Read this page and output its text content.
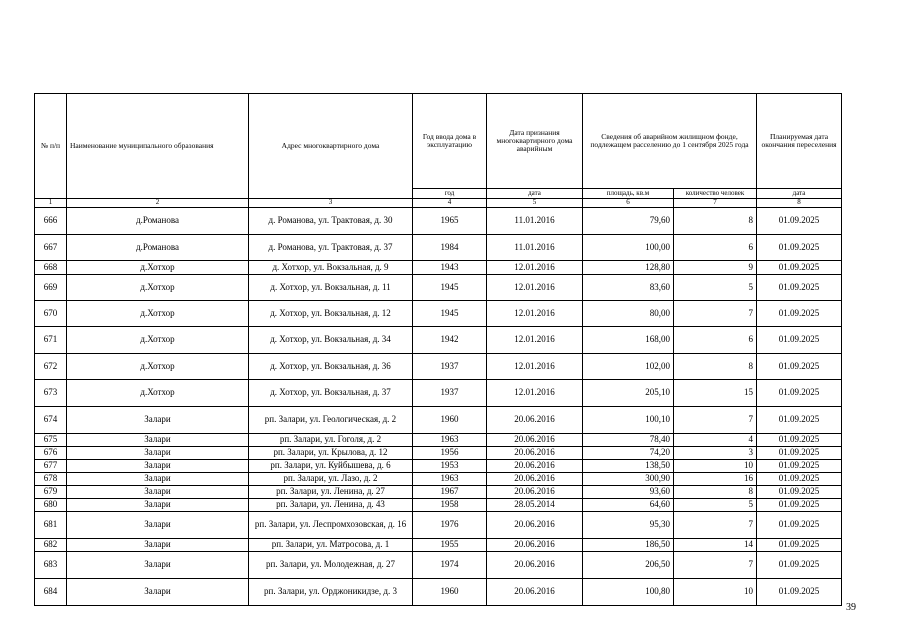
№ п/п	Наименование муниципального образования	Адрес многоквартирного дома	Год ввода дома в эксплуатацию	Дата признания многоквартирного дома аварийным	Сведения об аварийном жилищном фонде, подлежащем расселению до 1 сентября 2025 года		Планируемая дата окончания переселения
			год	дата	площадь, кв.м	количество человек	дата
1	2	3	4	5	6	7	8
666	д.Романова	д. Романова, ул. Трактовая, д. 30	1965	11.01.2016	79,60	8	01.09.2025
667	д.Романова	д. Романова, ул. Трактовая, д. 37	1984	11.01.2016	100,00	6	01.09.2025
668	д.Хотхор	д. Хотхор, ул. Вокзальная, д. 9	1943	12.01.2016	128,80	9	01.09.2025
669	д.Хотхор	д. Хотхор, ул. Вокзальная, д. 11	1945	12.01.2016	83,60	5	01.09.2025
670	д.Хотхор	д. Хотхор, ул. Вокзальная, д. 12	1945	12.01.2016	80,00	7	01.09.2025
671	д.Хотхор	д. Хотхор, ул. Вокзальная, д. 34	1942	12.01.2016	168,00	6	01.09.2025
672	д.Хотхор	д. Хотхор, ул. Вокзальная, д. 36	1937	12.01.2016	102,00	8	01.09.2025
673	д.Хотхор	д. Хотхор, ул. Вокзальная, д. 37	1937	12.01.2016	205,10	15	01.09.2025
674	Залари	рп. Залари, ул. Геологическая, д. 2	1960	20.06.2016	100,10	7	01.09.2025
675	Залари	рп. Залари, ул. Гоголя, д. 2	1963	20.06.2016	78,40	4	01.09.2025
676	Залари	рп. Залари, ул. Крылова, д. 12	1956	20.06.2016	74,20	3	01.09.2025
677	Залари	рп. Залари, ул. Куйбышева, д. 6	1953	20.06.2016	138,50	10	01.09.2025
678	Залари	рп. Залари, ул. Лазо, д. 2	1963	20.06.2016	300,90	16	01.09.2025
679	Залари	рп. Залари, ул. Ленина, д. 27	1967	20.06.2016	93,60	8	01.09.2025
680	Залари	рп. Залари, ул. Ленина, д. 43	1958	28.05.2014	64,60	5	01.09.2025
681	Залари	рп. Залари, ул. Леспромхозовская, д. 16	1976	20.06.2016	95,30	7	01.09.2025
682	Залари	рп. Залари, ул. Матросова, д. 1	1955	20.06.2016	186,50	14	01.09.2025
683	Залари	рп. Залари, ул. Молодежная, д. 27	1974	20.06.2016	206,50	7	01.09.2025
684	Залари	рп. Залари, ул. Орджоникидзе, д. 3	1960	20.06.2016	100,80	10	01.09.2025
39
